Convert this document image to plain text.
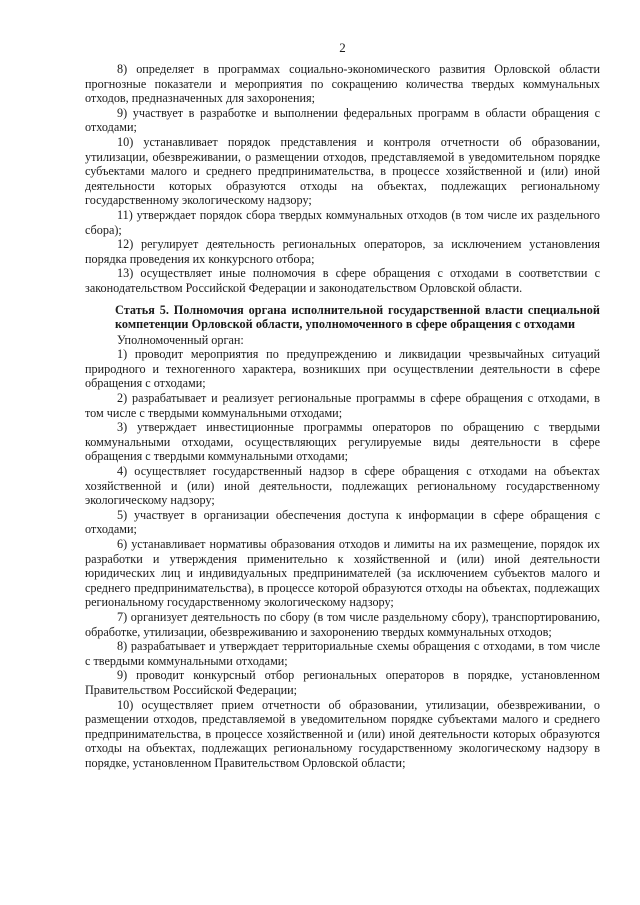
2

8) определяет в программах социально-экономического развития Орловской области прогнозные показатели и мероприятия по сокращению количества твердых коммунальных отходов, предназначенных для захоронения;

9) участвует в разработке и выполнении федеральных программ в области обращения с отходами;

10) устанавливает порядок представления и контроля отчетности об образовании, утилизации, обезвреживании, о размещении отходов, представляемой в уведомительном порядке субъектами малого и среднего предпринимательства, в процессе хозяйственной и (или) иной деятельности которых образуются отходы на объектах, подлежащих региональному государственному экологическому надзору;

11) утверждает порядок сбора твердых коммунальных отходов (в том числе их раздельного сбора);

12) регулирует деятельность региональных операторов, за исключением установления порядка проведения их конкурсного отбора;

13) осуществляет иные полномочия в сфере обращения с отходами в соответствии с законодательством Российской Федерации и законодательством Орловской области.

Статья 5. Полномочия органа исполнительной государственной власти специальной компетенции Орловской области, уполномоченного в сфере обращения с отходами

Уполномоченный орган:

1) проводит мероприятия по предупреждению и ликвидации чрезвычайных ситуаций природного и техногенного характера, возникших при осуществлении деятельности в сфере обращения с отходами;

2) разрабатывает и реализует региональные программы в сфере обращения с отходами, в том числе с твердыми коммунальными отходами;

3) утверждает инвестиционные программы операторов по обращению с твердыми коммунальными отходами, осуществляющих регулируемые виды деятельности в сфере обращения с твердыми коммунальными отходами;

4) осуществляет государственный надзор в сфере обращения с отходами на объектах хозяйственной и (или) иной деятельности, подлежащих региональному государственному экологическому надзору;

5) участвует в организации обеспечения доступа к информации в сфере обращения с отходами;

6) устанавливает нормативы образования отходов и лимиты на их размещение, порядок их разработки и утверждения применительно к хозяйственной и (или) иной деятельности юридических лиц и индивидуальных предпринимателей (за исключением субъектов малого и среднего предпринимательства), в процессе которой образуются отходы на объектах, подлежащих региональному государственному экологическому надзору;

7) организует деятельность по сбору (в том числе раздельному сбору), транспортированию, обработке, утилизации, обезвреживанию и захоронению твердых коммунальных отходов;

8) разрабатывает и утверждает территориальные схемы обращения с отходами, в том числе с твердыми коммунальными отходами;

9) проводит конкурсный отбор региональных операторов в порядке, установленном Правительством Российской Федерации;

10) осуществляет прием отчетности об образовании, утилизации, обезвреживании, о размещении отходов, представляемой в уведомительном порядке субъектами малого и среднего предпринимательства, в процессе хозяйственной и (или) иной деятельности которых образуются отходы на объектах, подлежащих региональному государственному экологическому надзору в порядке, установленном Правительством Орловской области;
